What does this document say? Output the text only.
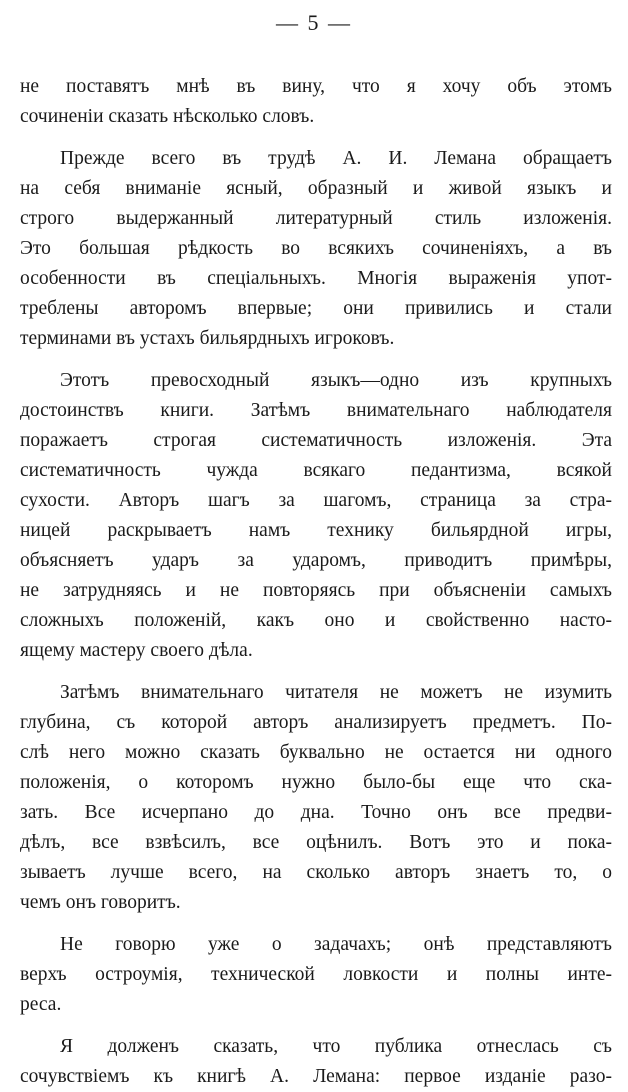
— 5 —
не поставятъ мнѣ въ вину, что я хочу объ этомъ
сочиненіи сказать нѣсколько словъ.
Прежде всего въ трудѣ А. И. Лемана обращаетъ
на себя вниманіе ясный, образный и живой языкъ и
строго выдержанный литературный стиль изложенія.
Это большая рѣдкость во всякихъ сочиненіяхъ, а въ
особенности въ спеціальныхъ. Многія выраженія упот-
треблены авторомъ впервые; они привились и стали
терминами въ устахъ бильярдныхъ игроковъ.
Этотъ превосходный языкъ—одно изъ крупныхъ
достоинствъ книги. Затѣмъ внимательнаго наблюдателя
поражаетъ строгая систематичность изложенія. Эта
систематичность чужда всякаго педантизма, всякой
сухости. Авторъ шагъ за шагомъ, страница за стра-
ницей раскрываетъ намъ технику бильярдной игры,
объясняетъ ударъ за ударомъ, приводитъ примѣры,
не затрудняясь и не повторяясь при объясненіи самыхъ
сложныхъ положеній, какъ оно и свойственно насто-
ящему мастеру своего дѣла.
Затѣмъ внимательнаго читателя не можетъ не изумить
глубина, съ которой авторъ анализируетъ предметъ. По-
слѣ него можно сказать буквально не остается ни одного
положенія, о которомъ нужно было-бы еще что ска-
зать. Все исчерпано до дна. Точно онъ все предви-
дѣлъ, все взвѣсилъ, все оцѣнилъ. Вотъ это и пока-
зываетъ лучше всего, на сколько авторъ знаетъ то, о
чемъ онъ говоритъ.
Не говорю уже о задачахъ; онѣ представляютъ
верхъ остроумія, технической ловкости и полны инте-
реса.
Я долженъ сказать, что публика отнеслась съ
сочувствіемъ къ книгѣ А. Лемана: первое изданіе разо-
